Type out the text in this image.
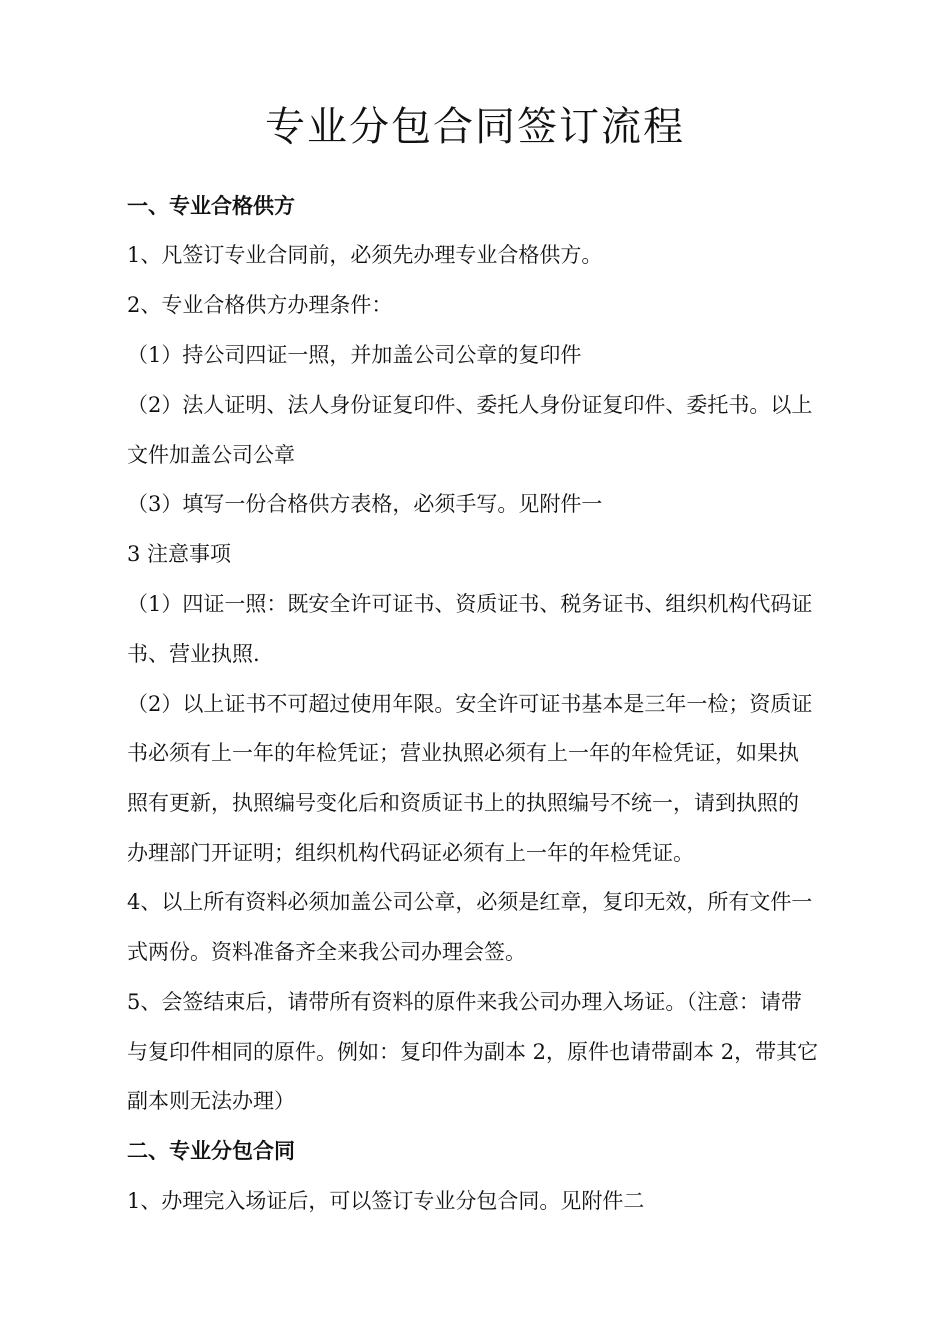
专业分包合同签订流程

一、专业合格供方

1、凡签订专业合同前，必须先办理专业合格供方。

2、专业合格供方办理条件：

（1）持公司四证一照，并加盖公司公章的复印件

（2）法人证明、法人身份证复印件、委托人身份证复印件、委托书。以上

文件加盖公司公章

（3）填写一份合格供方表格，必须手写。见附件一

3 注意事项

（1）四证一照：既安全许可证书、资质证书、税务证书、组织机构代码证

书、营业执照.

（2）以上证书不可超过使用年限。安全许可证书基本是三年一检；资质证

书必须有上一年的年检凭证；营业执照必须有上一年的年检凭证，如果执

照有更新，执照编号变化后和资质证书上的执照编号不统一，请到执照的

办理部门开证明；组织机构代码证必须有上一年的年检凭证。

4、以上所有资料必须加盖公司公章，必须是红章，复印无效，所有文件一

式两份。资料准备齐全来我公司办理会签。

5、会签结束后，请带所有资料的原件来我公司办理入场证。（注意：请带

与复印件相同的原件。例如：复印件为副本 2，原件也请带副本 2，带其它

副本则无法办理）

二、专业分包合同

1、办理完入场证后，可以签订专业分包合同。见附件二
